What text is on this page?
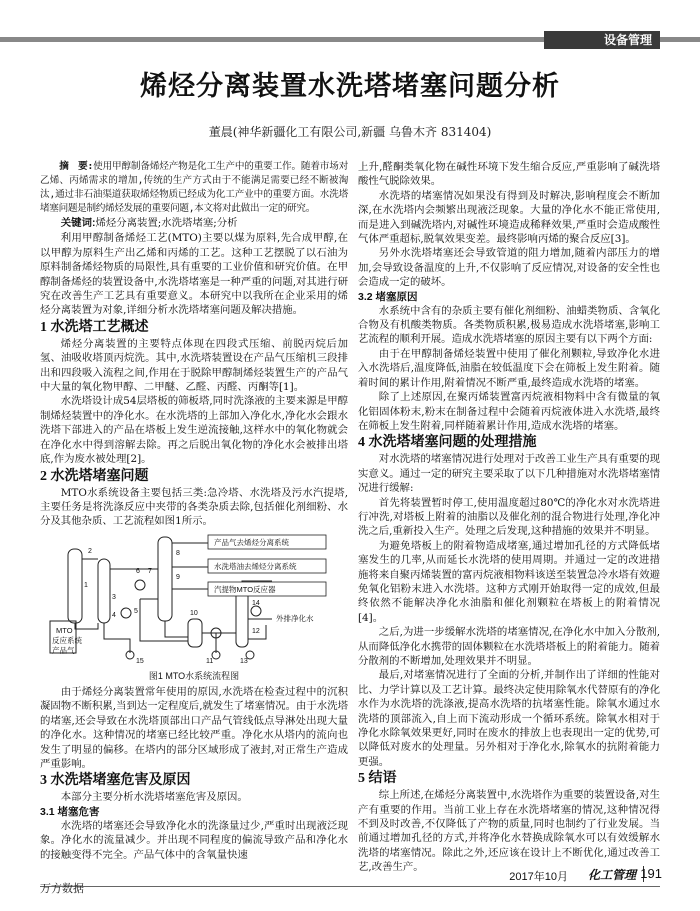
设备管理
烯烃分离装置水洗塔堵塞问题分析
董晨(神华新疆化工有限公司,新疆 乌鲁木齐 831404)

摘　要:使用甲醇制备烯烃产物是化工生产中的重要工作。随着市场对乙烯、丙烯需求的增加,传统的生产方式由于不能满足需要已经不断被淘汰,通过非石油渠道获取烯烃物质已经成为化工产业中的重要方面。水洗塔堵塞问题是制约烯烃发展的重要问题,本文将对此做出一定的研究。

关键词:烯烃分离装置;水洗塔堵塞;分析

利用甲醇制备烯烃工艺(MTO)主要以煤为原料,先合成甲醇,在以甲醇为原料生产出乙烯和丙烯的工艺。这种工艺摆脱了以石油为原料制备烯烃物质的局限性,具有重要的工业价值和研究价值。在甲醇制备烯烃的装置设备中,水洗塔堵塞是一种严重的问题,对其进行研究在改善生产工艺具有重要意义。本研究中以我所在企业采用的烯烃分离装置为对象,详细分析水洗塔堵塞问题及解决措施。

1 水洗塔工艺概述

烯烃分离装置的主要特点体现在四段式压缩、前脱丙烷后加氢、油吸收塔顶丙烷洗。其中,水洗塔装置设在产品气压缩机三段排出和四段吸入流程之间,作用在于脱除甲醇制烯烃装置生产的产品气中大量的氧化物甲醇、二甲醚、乙醛、丙醛、丙酮等[1]。

水洗塔设计成54层塔板的筛板塔,同时洗涤液的主要来源是甲醇制烯烃装置中的净化水。在水洗塔的上部加入净化水,净化水会跟水洗塔下部进入的产品在塔板上发生逆流接触,这样水中的氧化物就会在净化水中得到溶解去除。再之后脱出氧化物的净化水会被排出塔底,作为废水被处理[2]。

2 水洗塔堵塞问题

MTO水系统设备主要包括三类:急冷塔、水洗塔及污水汽提塔,主要任务是将洗涤反应中夹带的各类杂质去除,包括催化剂细粉、水分及其他杂质、工艺流程如图1所示。

产品气去烯烃分离系统
水洗塔油去烯烃分离系统
汽提物MTO反应器
外排净化水
MTO
反应系统
产品气
1
2
3
4
5
6 7
8
9
10
11
12
13
14
15
图1 MTO水系统流程图

由于烯烃分离装置常年使用的原因,水洗塔在检查过程中的沉积凝固物不断积累,当到达一定程度后,就发生了堵塞情况。由于水洗塔的堵塞,还会导致在水洗塔顶部出口产品气管线低点导淋处出现大量的净化水。这种情况的堵塞已经比较严重。净化水从塔内的流向也发生了明显的偏移。在塔内的部分区域形成了液封,对正常生产造成严重影响。

3 水洗塔堵塞危害及原因

本部分主要分析水洗塔堵塞危害及原因。

3.1 堵塞危害

水洗塔的堵塞还会导致净化水的洗涤量过少,严重时出现液泛现象。净化水的流量减少。并出现不同程度的偏流导致产品和净化水的接触变得不完全。产品气体中的含氧量快速

上升,醛酮类氧化物在碱性环境下发生缩合反应,严重影响了碱洗塔酸性气脱除效果。

水洗塔的堵塞情况如果没有得到及时解决,影响程度会不断加深,在水洗塔内会频繁出现液泛现象。大量的净化水不能正常使用,而是进入到碱洗塔内,对碱性环境造成稀释效果,严重时会造成酸性气体严重超标,脱氧效果变差。最终影响丙烯的聚合反应[3]。

另外水洗塔堵塞还会导致管道的阻力增加,随着内部压力的增加,会导致设备温度的上升,不仅影响了反应情况,对设备的安全性也会造成一定的破坏。

3.2 堵塞原因

水系统中含有的杂质主要有催化剂细粉、油蜡类物质、含氧化合物及有机酸类物质。各类物质积累,极易造成水洗塔堵塞,影响工艺流程的顺利开展。造成水洗塔堵塞的原因主要有以下两个方面:

由于在甲醇制备烯烃装置中使用了催化剂颗粒,导致净化水进入水洗塔后,温度降低,油脂在较低温度下会在筛板上发生附着。随着时间的累计作用,附着情况不断严重,最终造成水洗塔的堵塞。

除了上述原因,在聚丙烯装置富丙烷液相物料中含有微量的氧化铝固体粉末,粉末在制备过程中会随着丙烷液体进入水洗塔,最终在筛板上发生附着,同样随着累计作用,造成水洗塔的堵塞。

4 水洗塔堵塞问题的处理措施

对水洗塔的堵塞情况进行处理对于改善工业生产具有重要的现实意义。通过一定的研究主要采取了以下几种措施对水洗塔堵塞情况进行缓解:

首先将装置暂时停工,使用温度超过80℃的净化水对水洗塔进行冲洗,对塔板上附着的油脂以及催化剂的混合物进行处理,净化冲洗之后,重新投入生产。处理之后发现,这种措施的效果并不明显。

为避免塔板上的附着物造成堵塞,通过增加孔径的方式降低堵塞发生的几率,从而延长水洗塔的使用周期。并通过一定的改进措施将来自聚丙烯装置的富丙烷液相物料该送至装置急冷水塔有效避免氧化铝粉末进入水洗塔。这种方式刚开始取得一定的成效,但最终依然不能解决净化水油脂和催化剂颗粒在塔板上的附着情况[4]。

之后,为进一步缓解水洗塔的堵塞情况,在净化水中加入分散剂,从而降低净化水携带的固体颗粒在水洗塔塔板上的附着能力。随着分散剂的不断增加,处理效果并不明显。

最后,对堵塞情况进行了全面的分析,并制作出了详细的性能对比、力学计算以及工艺计算。最终决定使用除氧水代替原有的净化水作为水洗塔的洗涤液,提高水洗塔的抗堵塞性能。除氧水通过水洗塔的顶部流入,自上而下流动形成一个循环系统。除氧水相对于净化水除氧效果更好,同时在废水的排放上也表现出一定的优势,可以降低对废水的处理量。另外相对于净化水,除氧水的抗附着能力更强。

5 结语

综上所述,在烯烃分离装置中,水洗塔作为重要的装置设备,对生产有重要的作用。当前工业上存在水洗塔堵塞的情况,这种情况得不到及时改善,不仅降低了产物的质量,同时也制约了行业发展。当前通过增加孔径的方式,并将净化水替换成除氧水可以有效缓解水洗塔的堵塞情况。除此之外,还应该在设计上不断优化,通过改善工艺,改善生产。

2017年10月 化工管理 191
万方数据
